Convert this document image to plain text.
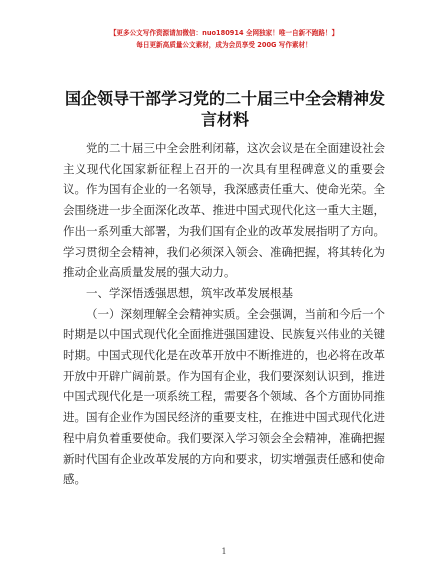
【更多公文写作资源请加微信：nuo180914 全网独家！唯一自新不跑路！】
每日更新高质量公文素材，成为会员享受 200G 写作素材！
国企领导干部学习党的二十届三中全会精神发言材料

党的二十届三中全会胜利闭幕，这次会议是在全面建设社会主义现代化国家新征程上召开的一次具有里程碑意义的重要会议。作为国有企业的一名领导，我深感责任重大、使命光荣。全会围绕进一步全面深化改革、推进中国式现代化这一重大主题，作出一系列重大部署，为我们国有企业的改革发展指明了方向。学习贯彻全会精神，我们必须深入领会、准确把握，将其转化为推动企业高质量发展的强大动力。

一、学深悟透强思想，筑牢改革发展根基

（一）深刻理解全会精神实质。全会强调，当前和今后一个时期是以中国式现代化全面推进强国建设、民族复兴伟业的关键时期。中国式现代化是在改革开放中不断推进的，也必将在改革开放中开辟广阔前景。作为国有企业，我们要深刻认识到，推进中国式现代化是一项系统工程，需要各个领域、各个方面协同推进。国有企业作为国民经济的重要支柱，在推进中国式现代化进程中肩负着重要使命。我们要深入学习领会全会精神，准确把握新时代国有企业改革发展的方向和要求，切实增强责任感和使命感。

1
